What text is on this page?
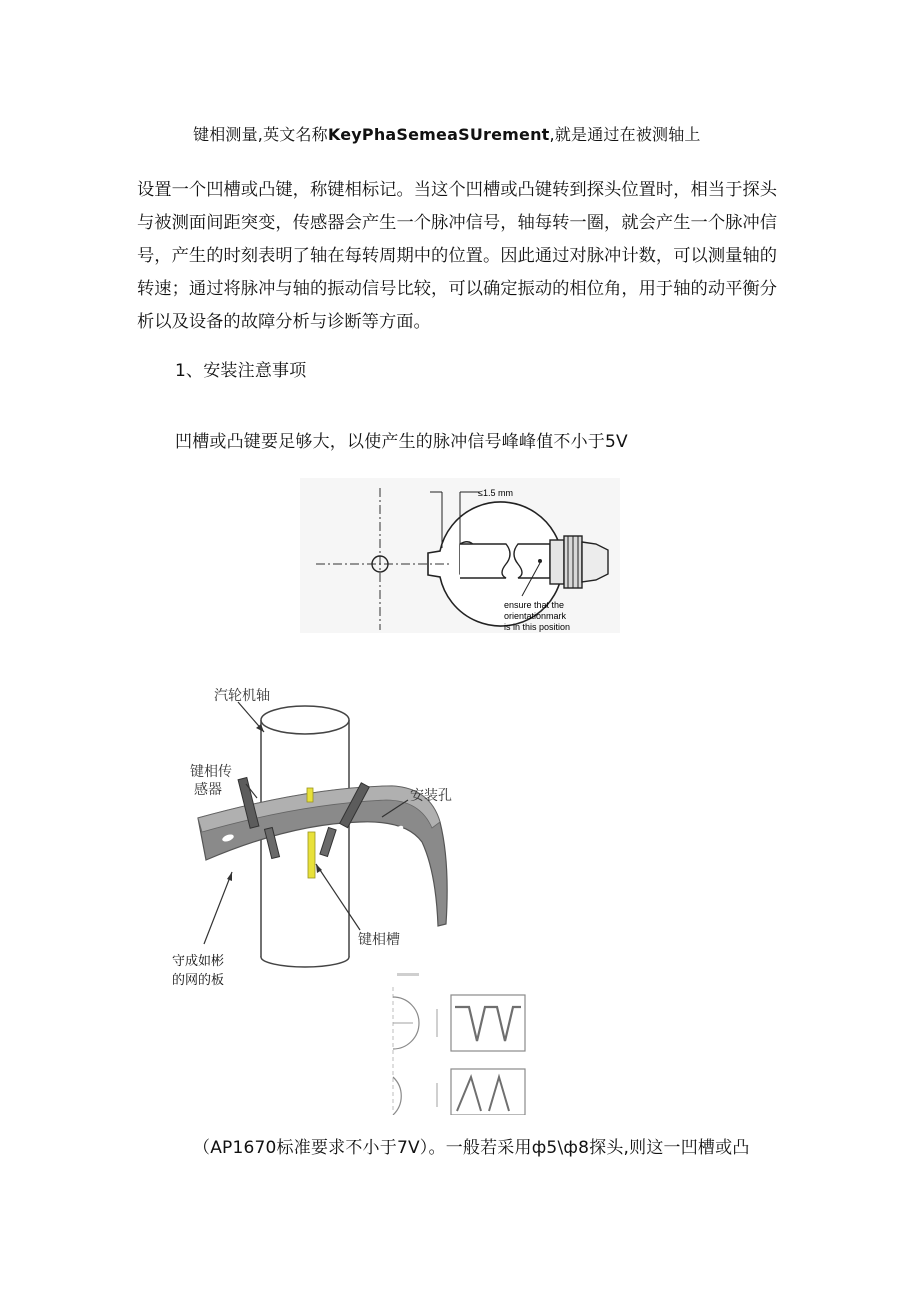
键相测量,英文名称KeyPhaSemeaSUrement,就是通过在被测轴上
设置一个凹槽或凸键，称键相标记。当这个凹槽或凸键转到探头位置时，相当于探头与被测面间距突变，传感器会产生一个脉冲信号，轴每转一圈，就会产生一个脉冲信号，产生的时刻表明了轴在每转周期中的位置。因此通过对脉冲计数，可以测量轴的转速；通过将脉冲与轴的振动信号比较，可以确定振动的相位角，用于轴的动平衡分析以及设备的故障分析与诊断等方面。
1、安装注意事项
凹槽或凸键要足够大，以使产生的脉冲信号峰峰值不小于5V
≤1.5 mm
ensure that the
orientationmark
is in this position
汽轮机轴
键相传
感器	安装孔
键相槽
守成如彬
的网的板
（AP1670标准要求不小于7V）。一般若采用ф5\ф8探头,则这一凹槽或凸
